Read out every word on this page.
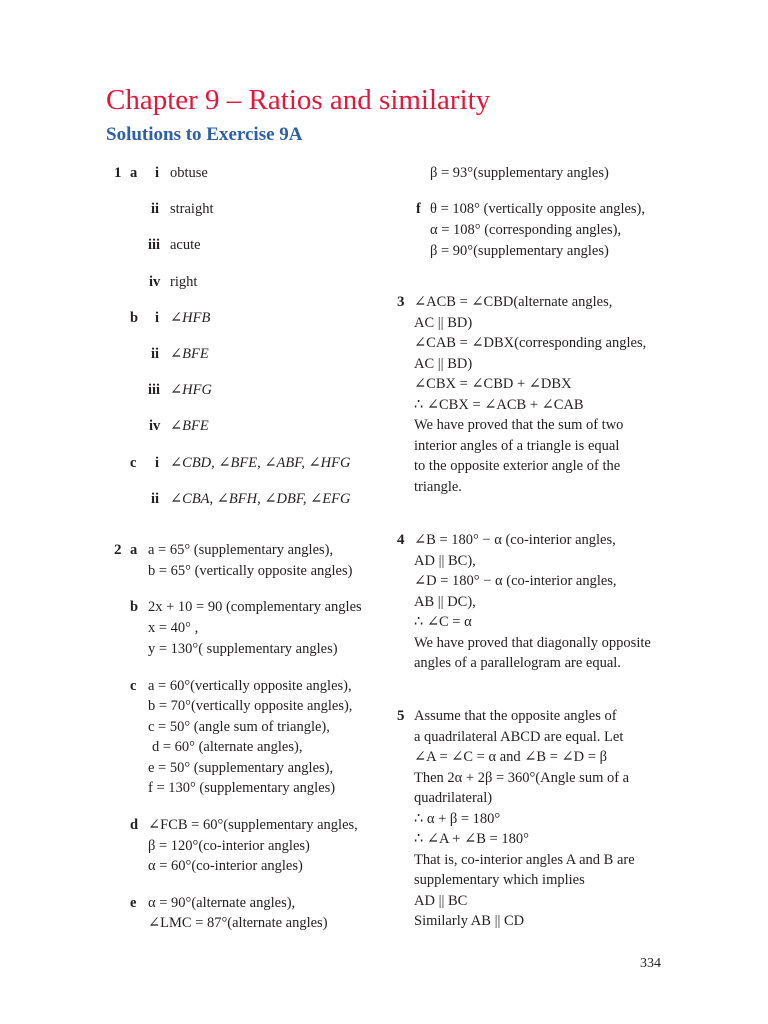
Chapter 9 – Ratios and similarity
Solutions to Exercise 9A
1 a i obtuse
ii straight
iii acute
iv right
b i ∠HFB
ii ∠BFE
iii ∠HFG
iv ∠BFE
c i ∠CBD, ∠BFE, ∠ABF, ∠HFG
ii ∠CBA, ∠BFH, ∠DBF, ∠EFG
2 a a = 65° (supplementary angles),
b = 65° (vertically opposite angles)
b 2x + 10 = 90 (complementary angles
x = 40° ,
y = 130°( supplementary angles)
c a = 60°(vertically opposite angles),
b = 70°(vertically opposite angles),
c = 50° (angle sum of triangle),
d = 60° (alternate angles),
e = 50° (supplementary angles),
f = 130° (supplementary angles)
d ∠FCB = 60°(supplementary angles,
β = 120°(co-interior angles)
α = 60°(co-interior angles)
e α = 90°(alternate angles),
∠LMC = 87°(alternate angles)
β = 93°(supplementary angles)
f θ = 108° (vertically opposite angles),
α = 108° (corresponding angles),
β = 90°(supplementary angles)
3 ∠ACB = ∠CBD(alternate angles,
AC || BD)
∠CAB = ∠DBX(corresponding angles,
AC || BD)
∠CBX = ∠CBD + ∠DBX
∴ ∠CBX = ∠ACB + ∠CAB
We have proved that the sum of two
interior angles of a triangle is equal
to the opposite exterior angle of the
triangle.
4 ∠B = 180° − α (co-interior angles,
AD || BC),
∠D = 180° − α (co-interior angles,
AB || DC),
∴ ∠C = α
We have proved that diagonally opposite
angles of a parallelogram are equal.
5 Assume that the opposite angles of
a quadrilateral ABCD are equal. Let
∠A = ∠C = α and ∠B = ∠D = β
Then 2α + 2β = 360°(Angle sum of a
quadrilateral)
∴ α + β = 180°
∴ ∠A + ∠B = 180°
That is, co-interior angles A and B are
supplementary which implies
AD || BC
Similarly AB || CD
334
